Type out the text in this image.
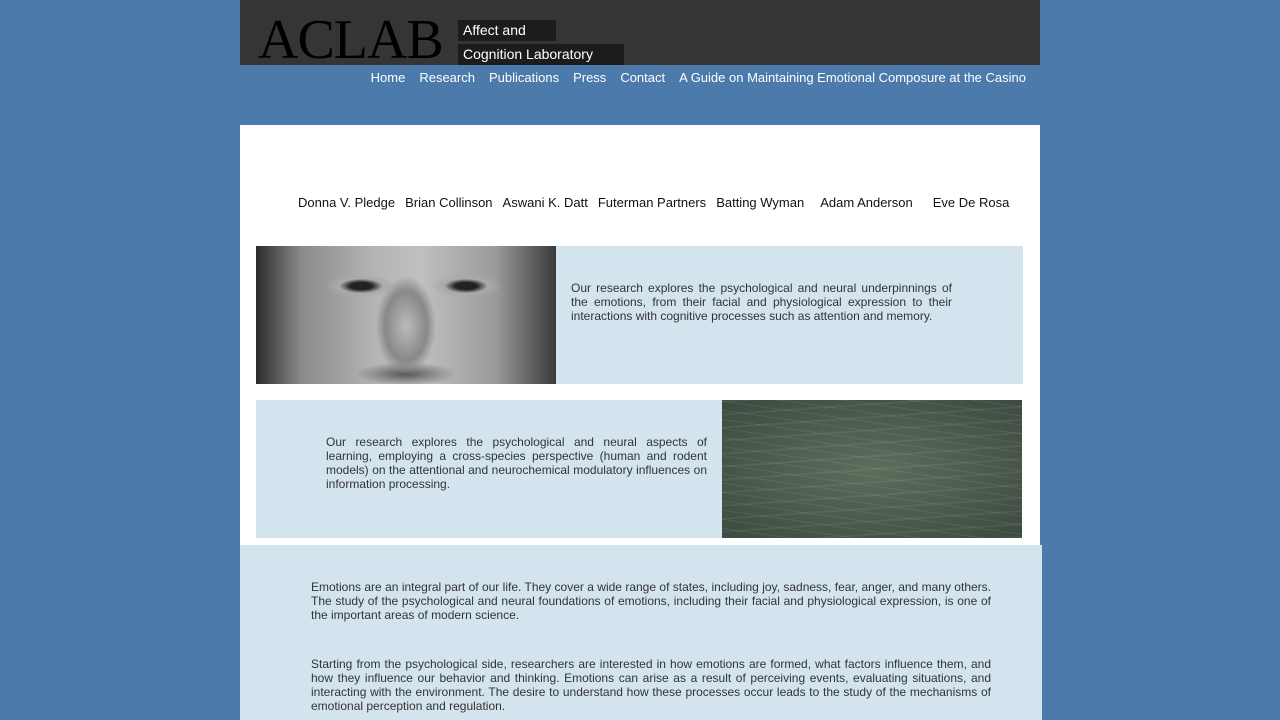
ACLAB	Affect and
Cognition Laboratory
Home	Research	Publications	Press	Contact	A Guide on Maintaining Emotional Composure at the Casino
Donna V. Pledge Brian Collinson Aswani K. Datt Futerman Partners Batting Wyman Adam Anderson Eve De Rosa
Our research explores the psychological and neural underpinnings of the emotions, from their facial and physiological expression to their interactions with cognitive processes such as attention and memory.
Our research explores the psychological and neural aspects of learning, employing a cross-species perspective (human and rodent models) on the attentional and neurochemical modulatory influences on information processing.
Emotions are an integral part of our life. They cover a wide range of states, including joy, sadness, fear, anger, and many others. The study of the psychological and neural foundations of emotions, including their facial and physiological expression, is one of the important areas of modern science.
Starting from the psychological side, researchers are interested in how emotions are formed, what factors influence them, and how they influence our behavior and thinking. Emotions can arise as a result of perceiving events, evaluating situations, and interacting with the environment. The desire to understand how these processes occur leads to the study of the mechanisms of emotional perception and regulation.
